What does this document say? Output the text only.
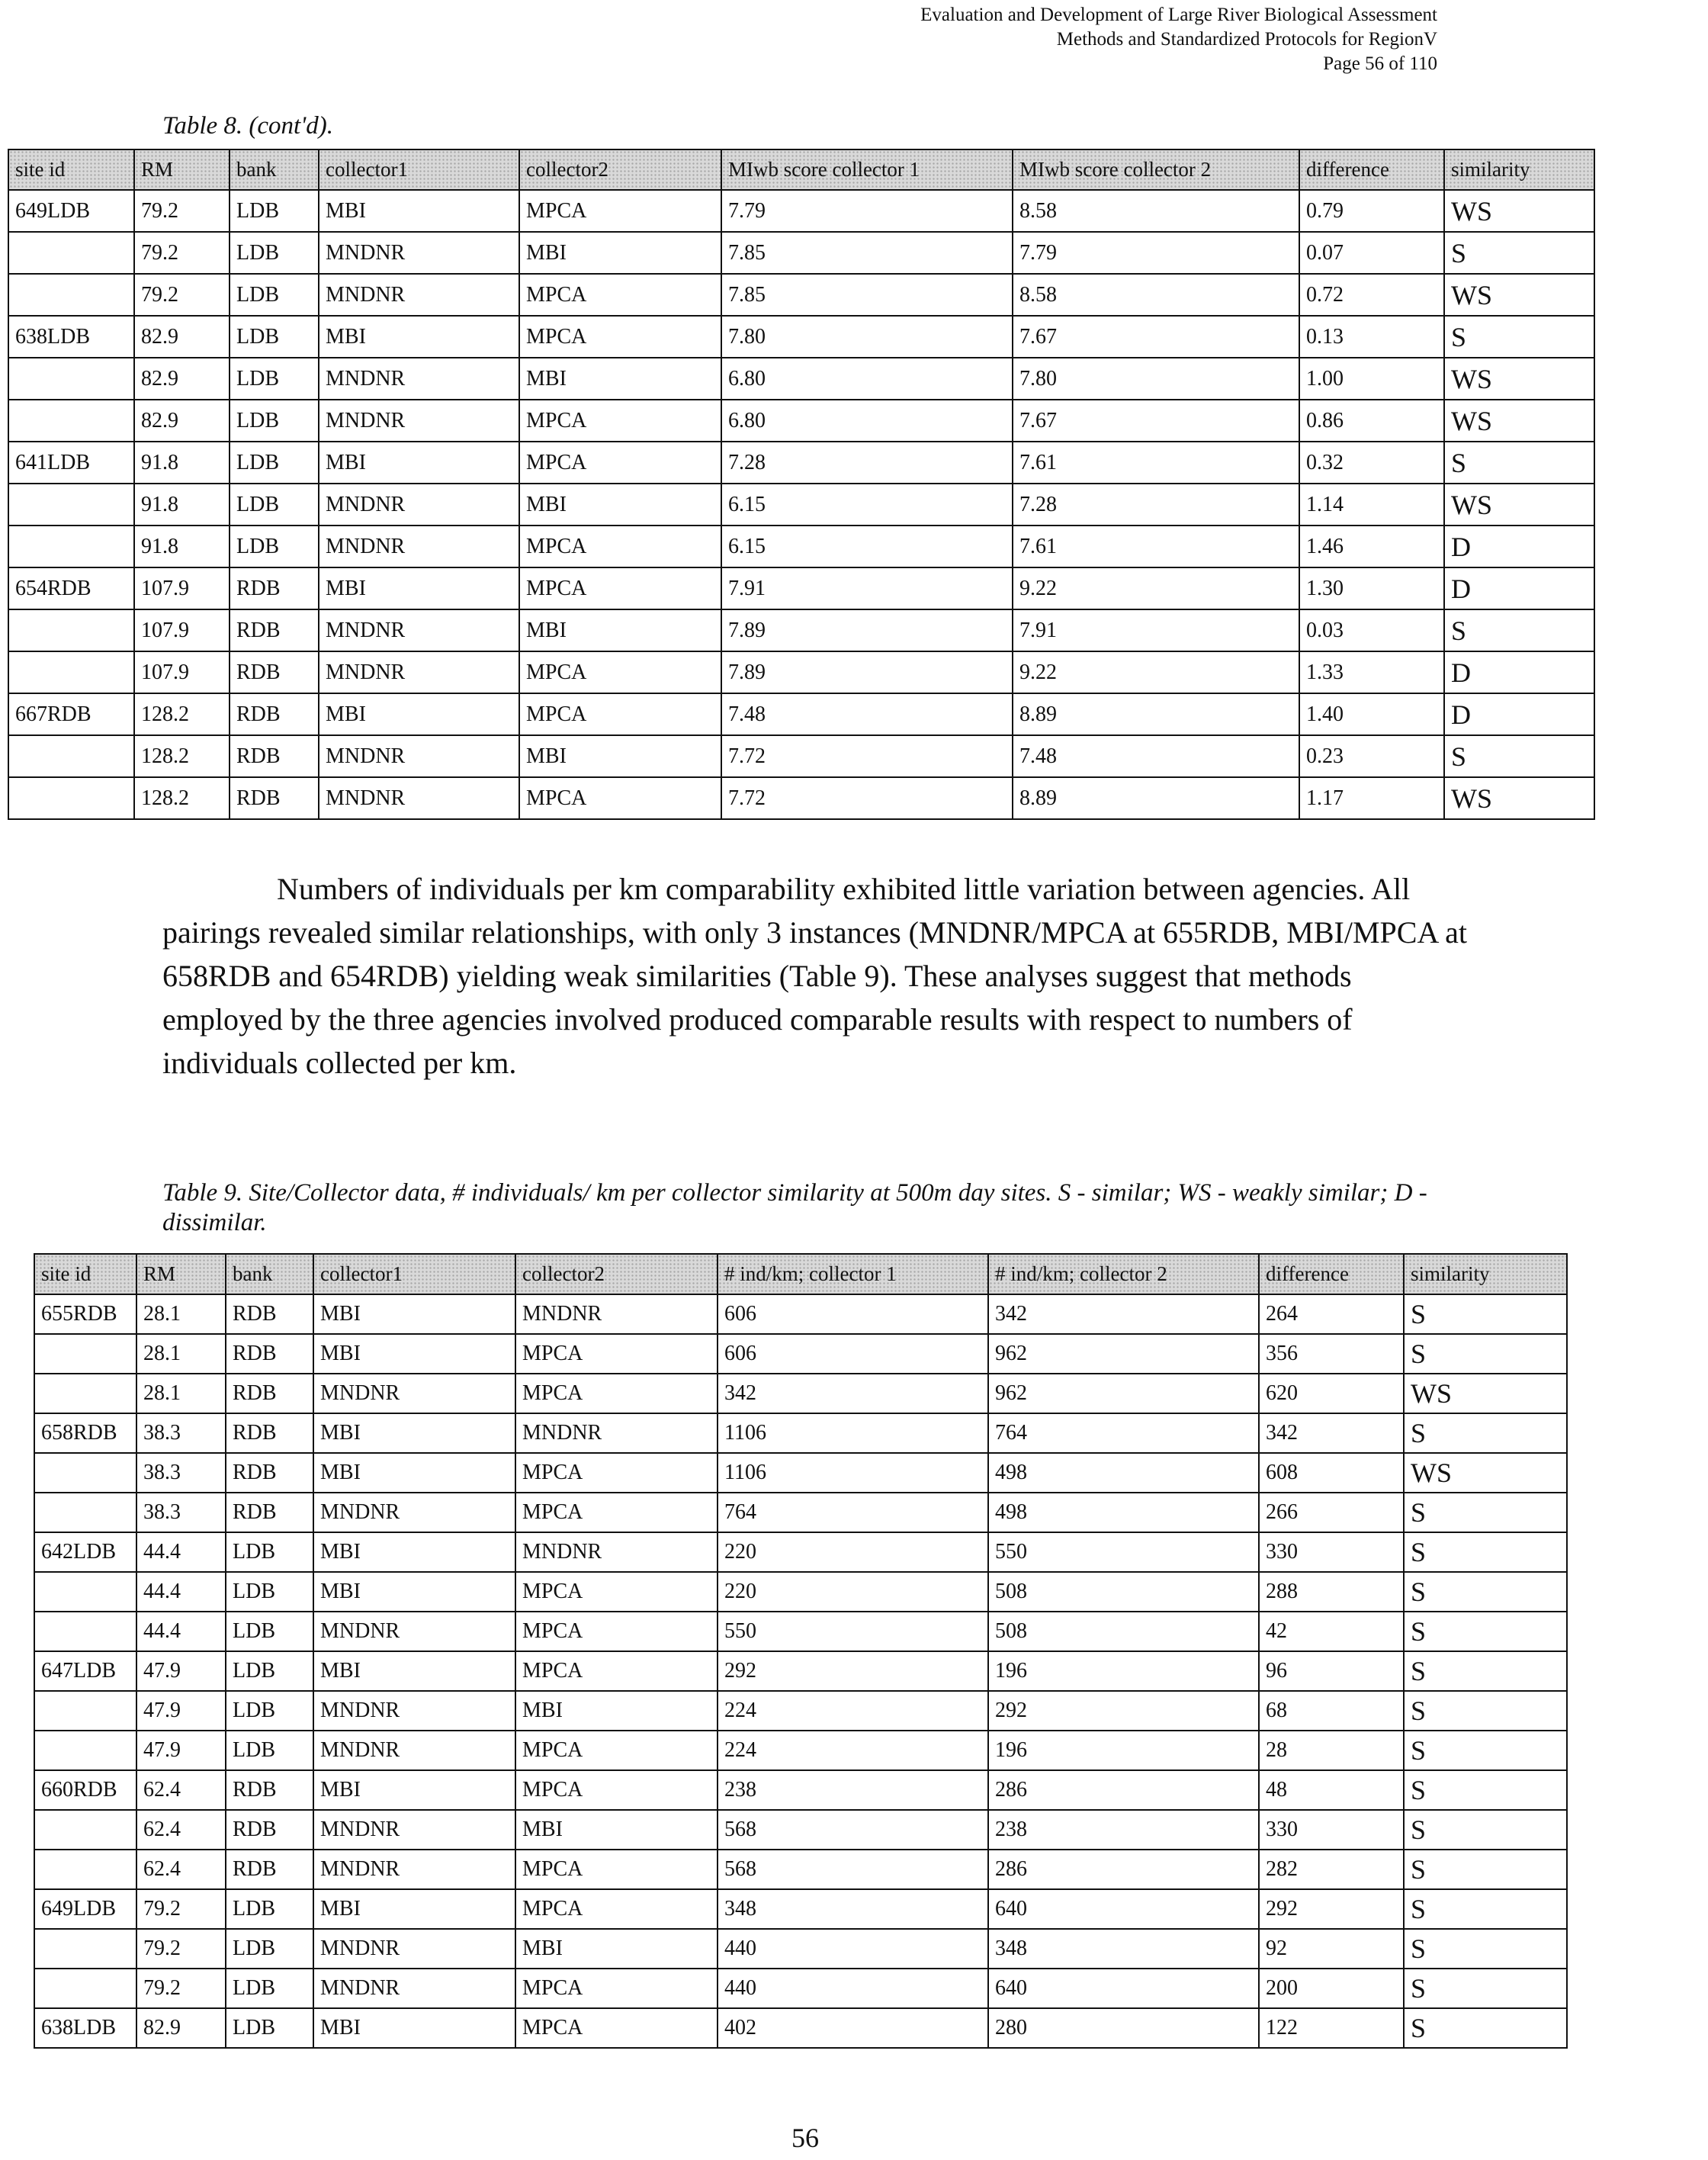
Evaluation and Development of Large River Biological Assessment
Methods and Standardized Protocols for RegionV
Page 56 of 110
Table 8. (cont'd).
site id	RM	bank	collector1	collector2	MIwb score collector 1	MIwb score collector 2	difference	similarity
649LDB	79.2	LDB	MBI	MPCA	7.79	8.58	0.79	WS
	79.2	LDB	MNDNR	MBI	7.85	7.79	0.07	S
	79.2	LDB	MNDNR	MPCA	7.85	8.58	0.72	WS
638LDB	82.9	LDB	MBI	MPCA	7.80	7.67	0.13	S
	82.9	LDB	MNDNR	MBI	6.80	7.80	1.00	WS
	82.9	LDB	MNDNR	MPCA	6.80	7.67	0.86	WS
641LDB	91.8	LDB	MBI	MPCA	7.28	7.61	0.32	S
	91.8	LDB	MNDNR	MBI	6.15	7.28	1.14	WS
	91.8	LDB	MNDNR	MPCA	6.15	7.61	1.46	D
654RDB	107.9	RDB	MBI	MPCA	7.91	9.22	1.30	D
	107.9	RDB	MNDNR	MBI	7.89	7.91	0.03	S
	107.9	RDB	MNDNR	MPCA	7.89	9.22	1.33	D
667RDB	128.2	RDB	MBI	MPCA	7.48	8.89	1.40	D
	128.2	RDB	MNDNR	MBI	7.72	7.48	0.23	S
	128.2	RDB	MNDNR	MPCA	7.72	8.89	1.17	WS
Numbers of individuals per km comparability exhibited little variation between agencies. All pairings revealed similar relationships, with only 3 instances (MNDNR/MPCA at 655RDB, MBI/MPCA at 658RDB and 654RDB) yielding weak similarities (Table 9). These analyses suggest that methods employed by the three agencies involved produced comparable results with respect to numbers of individuals collected per km.
Table 9. Site/Collector data, # individuals/ km per collector similarity at 500m day sites. S - similar; WS - weakly similar; D - dissimilar.
site id	RM	bank	collector1	collector2	# ind/km; collector 1	# ind/km; collector 2	difference	similarity
655RDB	28.1	RDB	MBI	MNDNR	606	342	264	S
	28.1	RDB	MBI	MPCA	606	962	356	S
	28.1	RDB	MNDNR	MPCA	342	962	620	WS
658RDB	38.3	RDB	MBI	MNDNR	1106	764	342	S
	38.3	RDB	MBI	MPCA	1106	498	608	WS
	38.3	RDB	MNDNR	MPCA	764	498	266	S
642LDB	44.4	LDB	MBI	MNDNR	220	550	330	S
	44.4	LDB	MBI	MPCA	220	508	288	S
	44.4	LDB	MNDNR	MPCA	550	508	42	S
647LDB	47.9	LDB	MBI	MPCA	292	196	96	S
	47.9	LDB	MNDNR	MBI	224	292	68	S
	47.9	LDB	MNDNR	MPCA	224	196	28	S
660RDB	62.4	RDB	MBI	MPCA	238	286	48	S
	62.4	RDB	MNDNR	MBI	568	238	330	S
	62.4	RDB	MNDNR	MPCA	568	286	282	S
649LDB	79.2	LDB	MBI	MPCA	348	640	292	S
	79.2	LDB	MNDNR	MBI	440	348	92	S
	79.2	LDB	MNDNR	MPCA	440	640	200	S
638LDB	82.9	LDB	MBI	MPCA	402	280	122	S
56
